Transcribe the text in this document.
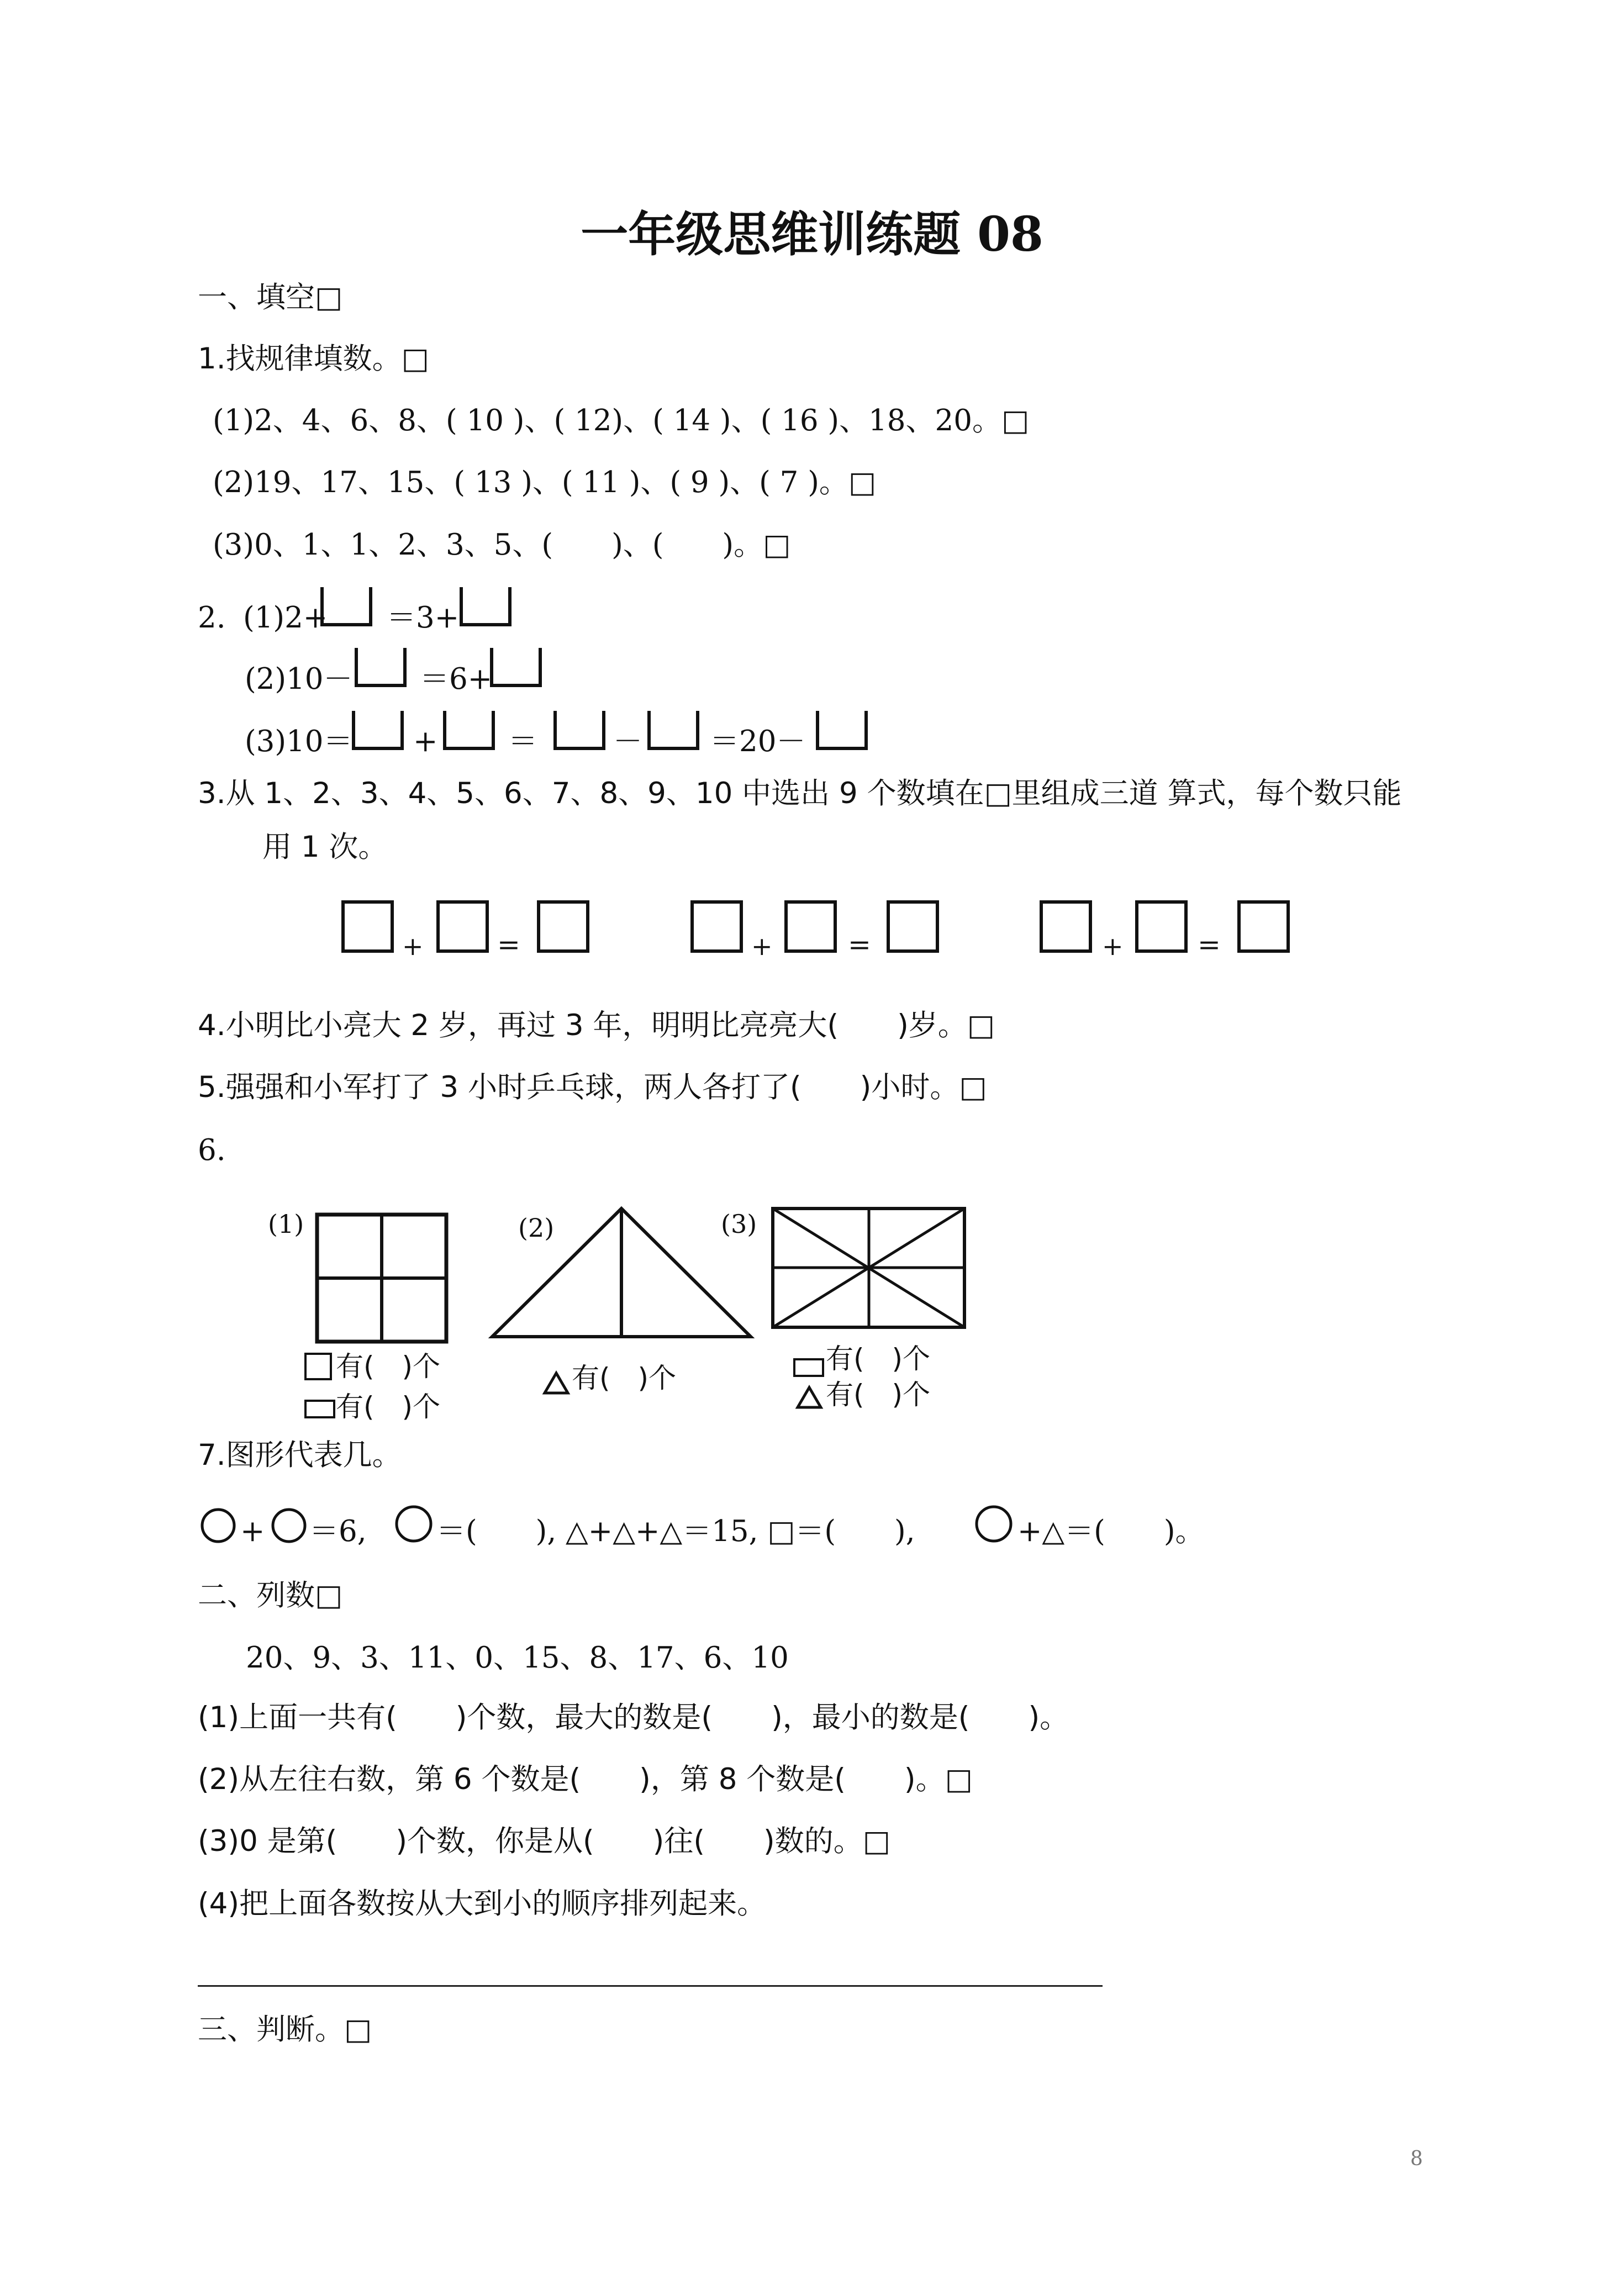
一年级思维训练题 08
一、填空□
1.找规律填数。□
(1)2、4、6、8、( 10 )、( 12)、( 14 )、( 16 )、18、20。□
(2)19、17、15、( 13 )、( 11 )、( 9 )、( 7 )。□
(3)0、1、1、2、3、5、(　　)、(　　)。□
2. (1)2+ ＝3+
(2)10－ ＝6+
(3)10＝ + ＝	－ ＝20－
3.从 1、2、3、4、5、6、7、8、9、10 中选出 9 个数填在□里组成三道 算式，每个数只能
用 1 次。
+	=	+	=	+	=
4.小明比小亮大 2 岁，再过 3 年，明明比亮亮大(　　)岁。□
5.强强和小军打了 3 小时乒乓球，两人各打了(　　)小时。□
6.
(1)
有(　)个
有(　)个
(2)
有(　)个
(3)
有(　)个
有(　)个
7.图形代表几。
+ ＝6, ＝(　　), △+△+△＝15, □＝(　　),	+△＝(　　)。
二、列数□
20、9、3、11、0、15、8、17、6、10
(1)上面一共有(　　)个数，最大的数是(　　)，最小的数是(　　)。
(2)从左往右数，第 6 个数是(　　)，第 8 个数是(　　)。□
(3)0 是第(　　)个数，你是从(　　)往(　　)数的。□
(4)把上面各数按从大到小的顺序排列起来。
三、判断。□
8
